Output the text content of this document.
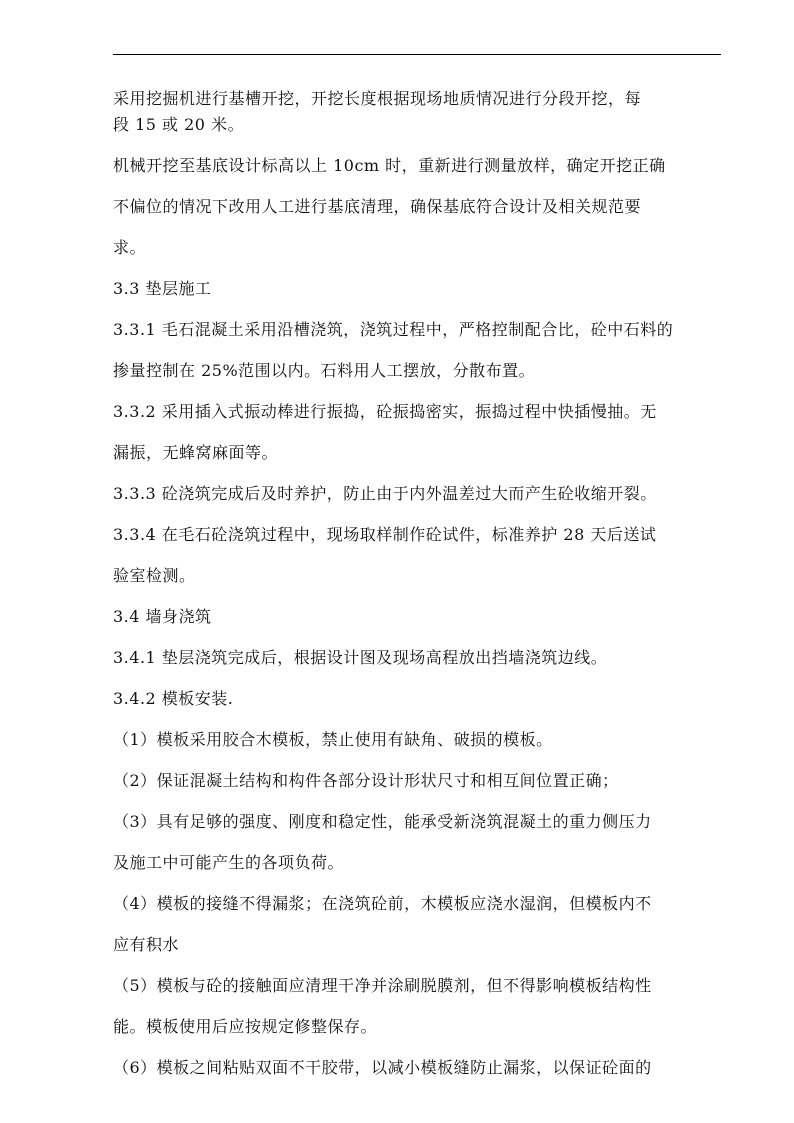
采用挖掘机进行基槽开挖，开挖长度根据现场地质情况进行分段开挖，每
段 15 或 20 米。
机械开挖至基底设计标高以上 10cm 时，重新进行测量放样，确定开挖正确
不偏位的情况下改用人工进行基底清理，确保基底符合设计及相关规范要
求。
3.3 垫层施工
3.3.1 毛石混凝土采用沿槽浇筑，浇筑过程中，严格控制配合比，砼中石料的
掺量控制在 25%范围以内。石料用人工摆放，分散布置。
3.3.2 采用插入式振动棒进行振捣，砼振捣密实，振捣过程中快插慢抽。无
漏振，无蜂窝麻面等。
3.3.3 砼浇筑完成后及时养护，防止由于内外温差过大而产生砼收缩开裂。
3.3.4 在毛石砼浇筑过程中，现场取样制作砼试件，标准养护 28 天后送试
验室检测。
3.4 墙身浇筑
3.4.1 垫层浇筑完成后，根据设计图及现场高程放出挡墙浇筑边线。
3.4.2 模板安装.
（1）模板采用胶合木模板，禁止使用有缺角、破损的模板。
（2）保证混凝土结构和构件各部分设计形状尺寸和相互间位置正确；
（3）具有足够的强度、刚度和稳定性，能承受新浇筑混凝土的重力侧压力
及施工中可能产生的各项负荷。
（4）模板的接缝不得漏浆；在浇筑砼前，木模板应浇水湿润，但模板内不
应有积水
（5）模板与砼的接触面应清理干净并涂刷脱膜剂，但不得影响模板结构性
能。模板使用后应按规定修整保存。
（6）模板之间粘贴双面不干胶带，以减小模板缝防止漏浆，以保证砼面的
